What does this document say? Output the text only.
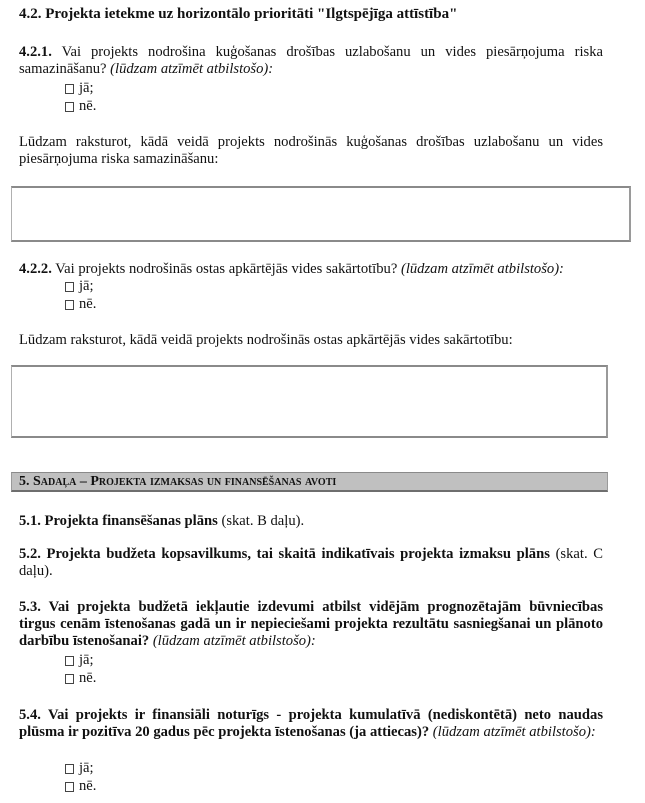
4.2. Projekta ietekme uz horizontālo prioritāti "Ilgtspējīga attīstība"
4.2.1. Vai projekts nodrošina kuģošanas drošības uzlabošanu un vides piesārņojuma riska samazināšanu? (lūdzam atzīmēt atbilstošo):
jā;
nē.
Lūdzam raksturot, kādā veidā projekts nodrošinās kuģošanas drošības uzlabošanu un vides piesārņojuma riska samazināšanu:
4.2.2. Vai projekts nodrošinās ostas apkārtējās vides sakārtotību? (lūdzam atzīmēt atbilstošo):
jā;
nē.
Lūdzam raksturot, kādā veidā projekts nodrošinās ostas apkārtējās vides sakārtotību:
5. Sadaļa – Projekta izmaksas un finansēšanas avoti
5.1. Projekta finansēšanas plāns (skat. B daļu).
5.2. Projekta budžeta kopsavilkums, tai skaitā indikatīvais projekta izmaksu plāns (skat. C daļu).
5.3. Vai projekta budžetā iekļautie izdevumi atbilst vidējām prognozētajām būvniecības tirgus cenām īstenošanas gadā un ir nepieciešami projekta rezultātu sasniegšanai un plānoto darbību īstenošanai? (lūdzam atzīmēt atbilstošo):
jā;
nē.
5.4. Vai projekts ir finansiāli noturīgs - projekta kumulatīvā (nediskontētā) neto naudas plūsma ir pozitīva 20 gadus pēc projekta īstenošanas (ja attiecas)? (lūdzam atzīmēt atbilstošo):
jā;
nē.
